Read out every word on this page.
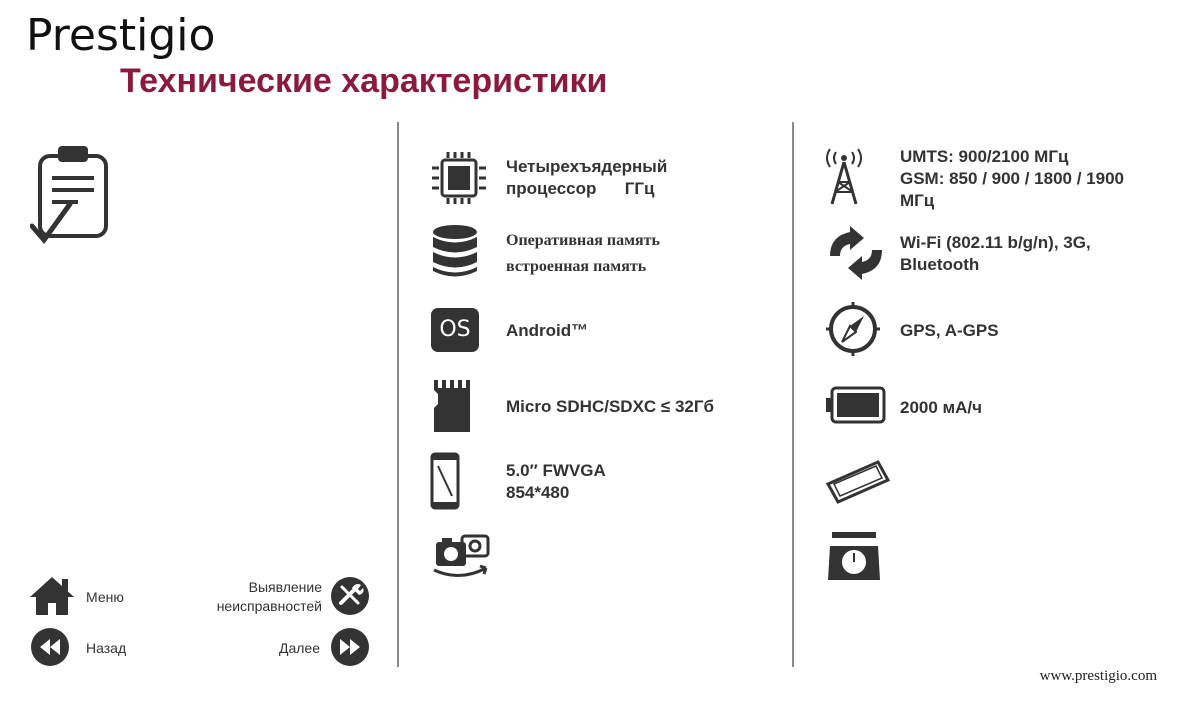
Prestigio
Технические характеристики
Четырехъядерный
процессор      ГГц
Оперативная память
встроенная память
OS	Android™
Micro SDHC/SDXC ≤ 32Гб
5.0″ FWVGA
854*480
UMTS: 900/2100 МГц
GSM: 850 / 900 / 1800 / 1900
МГц
Wi-Fi (802.11 b/g/n), 3G,
Bluetooth
GPS, A-GPS
2000 мА/ч
Меню
Выявление неисправностей
Назад	Далее
www.prestigio.com
